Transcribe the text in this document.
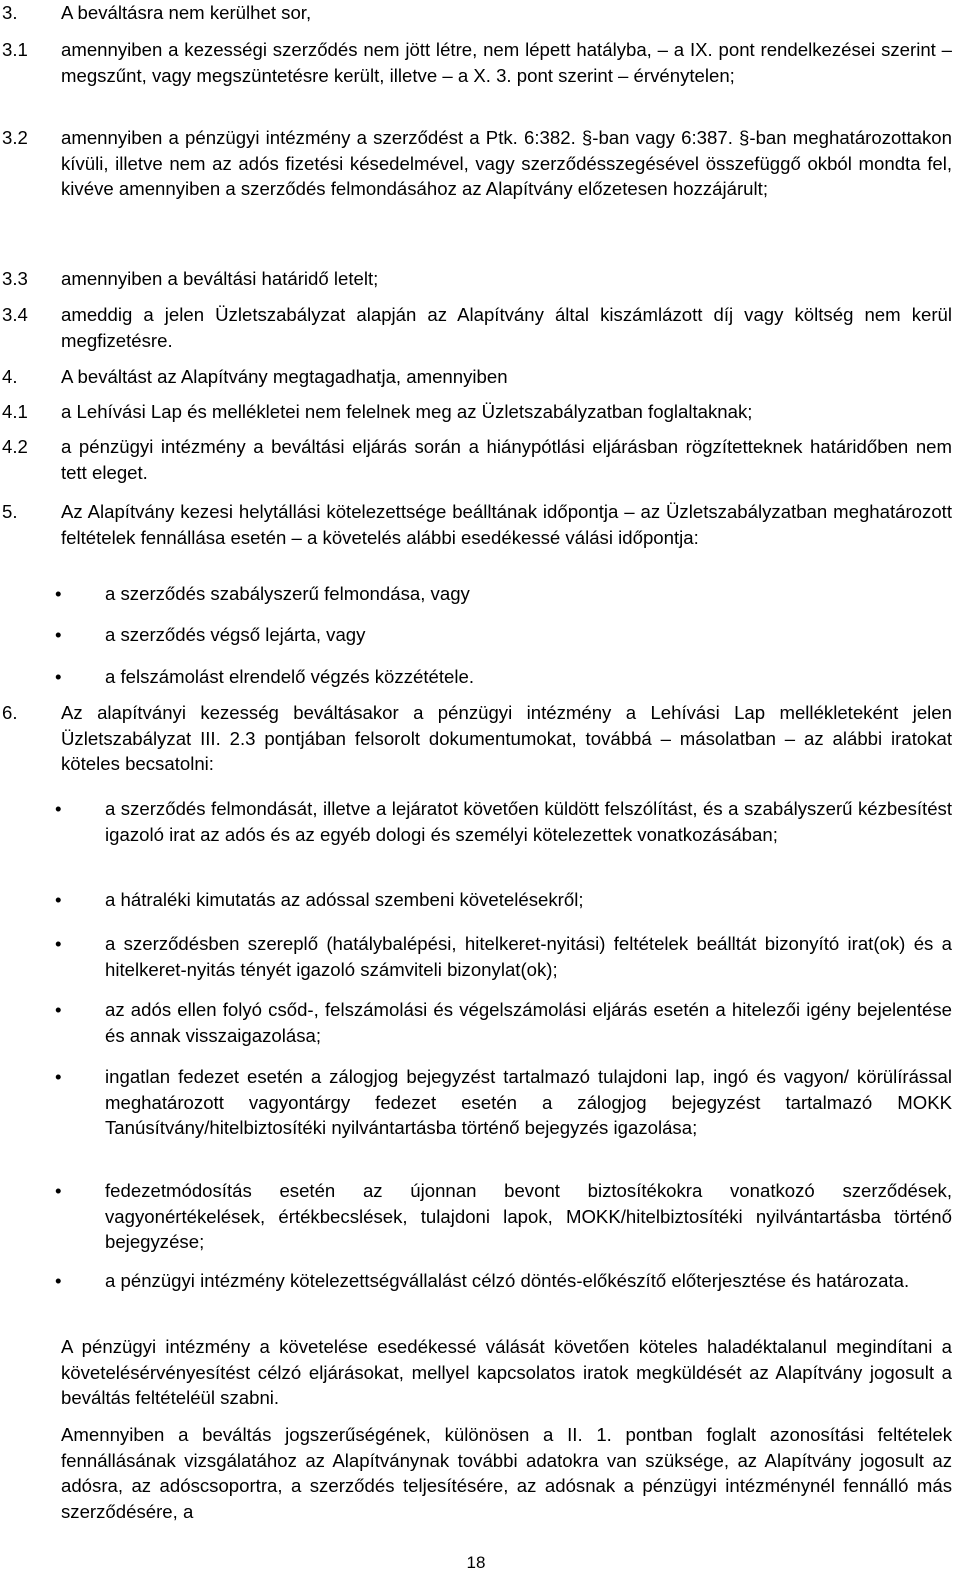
3. A beváltásra nem kerülhet sor,
3.1 amennyiben a kezességi szerződés nem jött létre, nem lépett hatályba, – a IX. pont rendelkezései szerint – megszűnt, vagy megszüntetésre került, illetve – a X. 3. pont szerint – érvénytelen;
3.2 amennyiben a pénzügyi intézmény a szerződést a Ptk. 6:382. §-ban vagy 6:387. §-ban meghatározottakon kívüli, illetve nem az adós fizetési késedelmével, vagy szerződésszegésével összefüggő okból mondta fel, kivéve amennyiben a szerződés felmondásához az Alapítvány előzetesen hozzájárult;
3.3 amennyiben a beváltási határidő letelt;
3.4 ameddig a jelen Üzletszabályzat alapján az Alapítvány által kiszámlázott díj vagy költség nem kerül megfizetésre.
4. A beváltást az Alapítvány megtagadhatja, amennyiben
4.1 a Lehívási Lap és mellékletei nem felelnek meg az Üzletszabályzatban foglaltaknak;
4.2 a pénzügyi intézmény a beváltási eljárás során a hiánypótlási eljárásban rögzítetteknek határidőben nem tett eleget.
5. Az Alapítvány kezesi helytállási kötelezettsége beálltának időpontja – az Üzletszabályzatban meghatározott feltételek fennállása esetén – a követelés alábbi esedékessé válási időpontja:
• a szerződés szabályszerű felmondása, vagy
• a szerződés végső lejárta, vagy
• a felszámolást elrendelő végzés közzététele.
6. Az alapítványi kezesség beváltásakor a pénzügyi intézmény a Lehívási Lap mellékleteként jelen Üzletszabályzat III. 2.3 pontjában felsorolt dokumentumokat, továbbá – másolatban – az alábbi iratokat köteles becsatolni:
• a szerződés felmondását, illetve a lejáratot követően küldött felszólítást, és a szabályszerű kézbesítést igazoló irat az adós és az egyéb dologi és személyi kötelezettek vonatkozásában;
• a hátraléki kimutatás az adóssal szembeni követelésekről;
• a szerződésben szereplő (hatálybalépési, hitelkeret-nyitási) feltételek beálltát bizonyító irat(ok) és a hitelkeret-nyitás tényét igazoló számviteli bizonylat(ok);
• az adós ellen folyó csőd-, felszámolási és végelszámolási eljárás esetén a hitelezői igény bejelentése és annak visszaigazolása;
• ingatlan fedezet esetén a zálogjog bejegyzést tartalmazó tulajdoni lap, ingó és vagyon/ körülírással meghatározott vagyontárgy fedezet esetén a zálogjog bejegyzést tartalmazó MOKK Tanúsítvány/hitelbiztosítéki nyilvántartásba történő bejegyzés igazolása;
• fedezetmódosítás esetén az újonnan bevont biztosítékokra vonatkozó szerződések, vagyonértékelések, értékbecslések, tulajdoni lapok, MOKK/hitelbiztosítéki nyilvántartásba történő bejegyzése;
• a pénzügyi intézmény kötelezettségvállalást célzó döntés-előkészítő előterjesztése és határozata.
A pénzügyi intézmény a követelése esedékessé válását követően köteles haladéktalanul megindítani a követelésérvényesítést célzó eljárásokat, mellyel kapcsolatos iratok megküldését az Alapítvány jogosult a beváltás feltételéül szabni.
Amennyiben a beváltás jogszerűségének, különösen a II. 1. pontban foglalt azonosítási feltételek fennállásának vizsgálatához az Alapítványnak további adatokra van szüksége, az Alapítvány jogosult az adósra, az adóscsoportra, a szerződés teljesítésére, az adósnak a pénzügyi intézménynél fennálló más szerződésére, a
18
